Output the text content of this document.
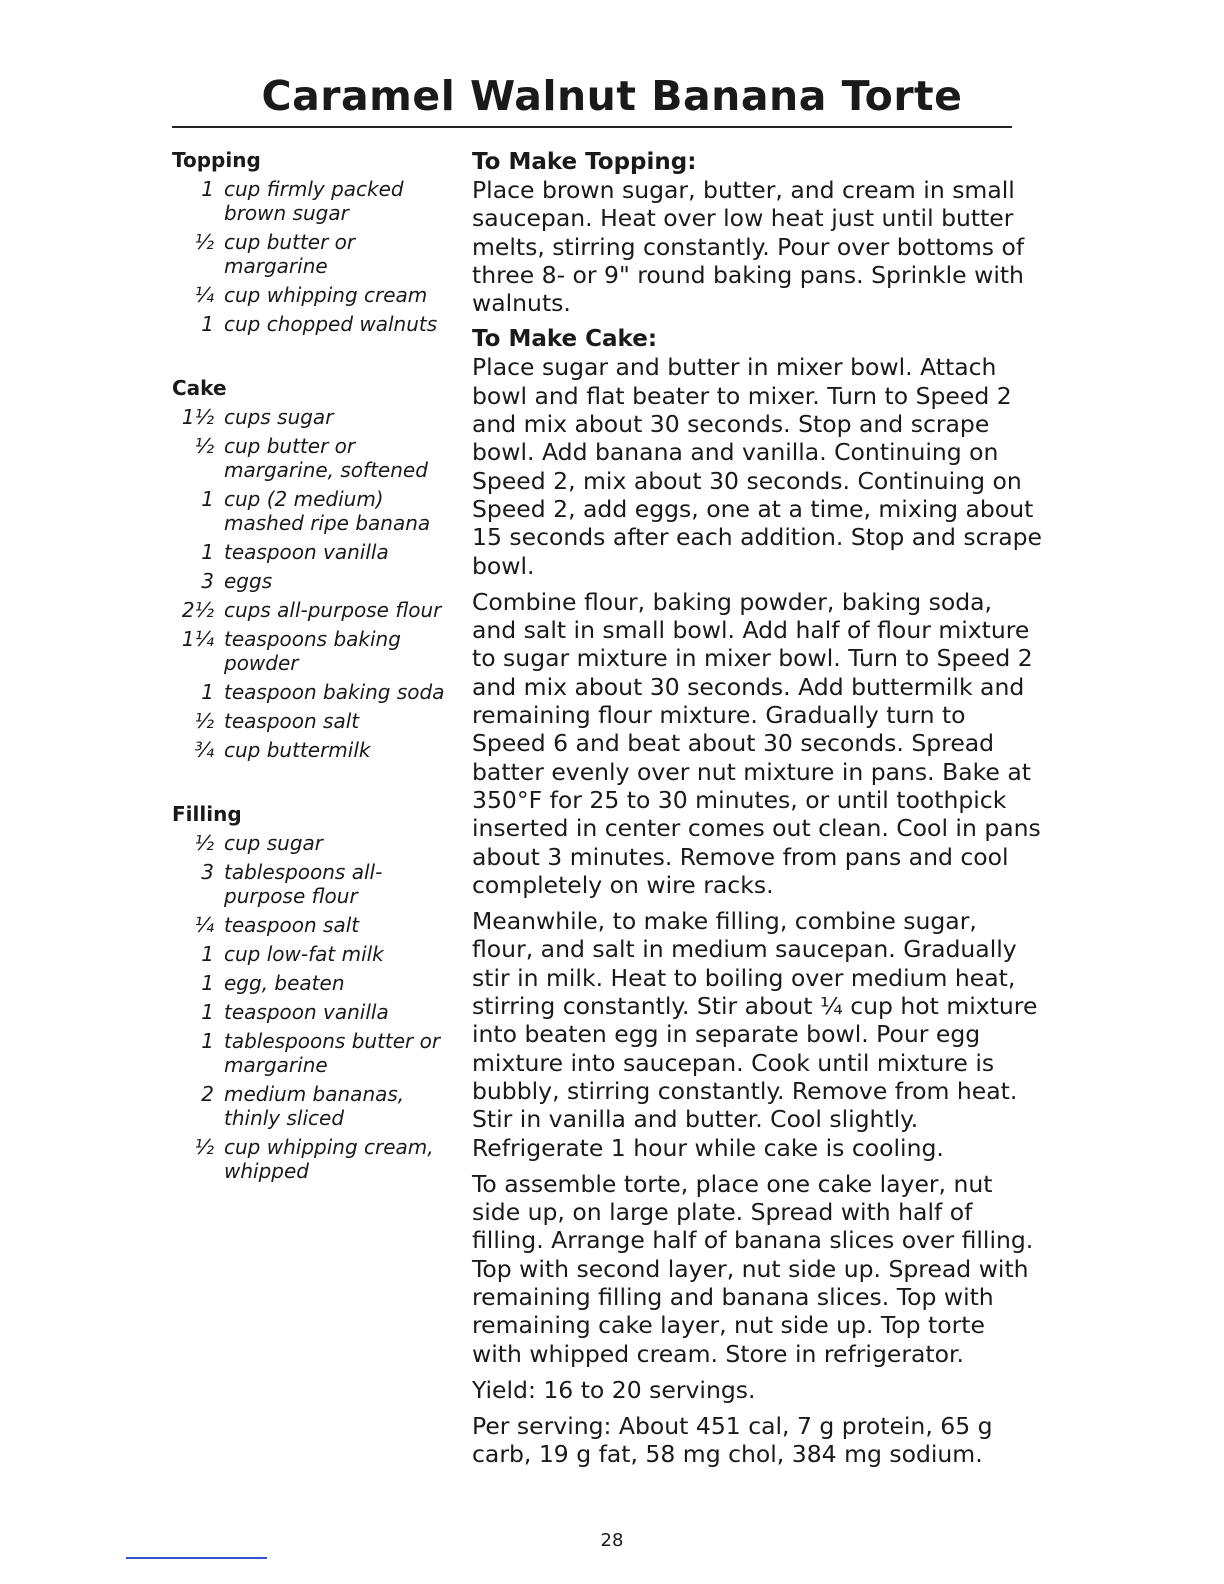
Caramel Walnut Banana Torte

Topping

1 cup firmly packed brown sugar
½ cup butter or margarine
¼ cup whipping cream
1 cup chopped walnuts

Cake

1½ cups sugar
½ cup butter or margarine, softened
1 cup (2 medium) mashed ripe banana
1 teaspoon vanilla
3 eggs
2½ cups all-purpose flour
1¼ teaspoons baking powder
1 teaspoon baking soda
½ teaspoon salt
¾ cup buttermilk

Filling

½ cup sugar
3 tablespoons all-purpose flour
¼ teaspoon salt
1 cup low-fat milk
1 egg, beaten
1 teaspoon vanilla
1 tablespoons butter or margarine
2 medium bananas, thinly sliced
½ cup whipping cream, whipped

To Make Topping:

Place brown sugar, butter, and cream in small saucepan. Heat over low heat just until butter melts, stirring constantly. Pour over bottoms of three 8- or 9" round baking pans. Sprinkle with walnuts.

To Make Cake:

Place sugar and butter in mixer bowl. Attach bowl and flat beater to mixer. Turn to Speed 2 and mix about 30 seconds. Stop and scrape bowl. Add banana and vanilla. Continuing on Speed 2, mix about 30 seconds. Continuing on Speed 2, add eggs, one at a time, mixing about 15 seconds after each addition. Stop and scrape bowl.

Combine flour, baking powder, baking soda, and salt in small bowl. Add half of flour mixture to sugar mixture in mixer bowl. Turn to Speed 2 and mix about 30 seconds. Add buttermilk and remaining flour mixture. Gradually turn to Speed 6 and beat about 30 seconds. Spread batter evenly over nut mixture in pans. Bake at 350°F for 25 to 30 minutes, or until toothpick inserted in center comes out clean. Cool in pans about 3 minutes. Remove from pans and cool completely on wire racks.

Meanwhile, to make filling, combine sugar, flour, and salt in medium saucepan. Gradually stir in milk. Heat to boiling over medium heat, stirring constantly. Stir about ¼ cup hot mixture into beaten egg in separate bowl. Pour egg mixture into saucepan. Cook until mixture is bubbly, stirring constantly. Remove from heat. Stir in vanilla and butter. Cool slightly. Refrigerate 1 hour while cake is cooling.

To assemble torte, place one cake layer, nut side up, on large plate. Spread with half of filling. Arrange half of banana slices over filling. Top with second layer, nut side up. Spread with remaining filling and banana slices. Top with remaining cake layer, nut side up. Top torte with whipped cream. Store in refrigerator.

Yield: 16 to 20 servings.

Per serving: About 451 cal, 7 g protein, 65 g carb, 19 g fat, 58 mg chol, 384 mg sodium.

28
